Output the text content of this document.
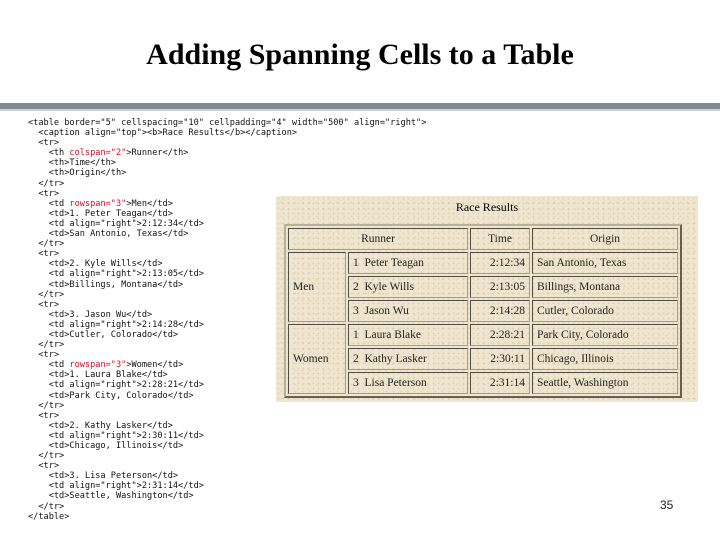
Adding Spanning Cells to a Table
<table border="5" cellspacing="10" cellpadding="4" width="500" align="right">
<caption align="top"><b>Race Results</b></caption>
<tr>
<th colspan="2">Runner</th>
<th>Time</th>
<th>Origin</th>
</tr>
<tr>
<td rowspan="3">Men</td>
<td>1. Peter Teagan</td>
<td align="right">2:12:34</td>
<td>San Antonio, Texas</td>
</tr>
<tr>
<td>2. Kyle Wills</td>
<td align="right">2:13:05</td>
<td>Billings, Montana</td>
</tr>
<tr>
<td>3. Jason Wu</td>
<td align="right">2:14:28</td>
<td>Cutler, Colorado</td>
</tr>
<tr>
<td rowspan="3">Women</td>
<td>1. Laura Blake</td>
<td align="right">2:28:21</td>
<td>Park City, Colorado</td>
</tr>
<tr>
<td>2. Kathy Lasker</td>
<td align="right">2:30:11</td>
<td>Chicago, Illinois</td>
</tr>
<tr>
<td>3. Lisa Peterson</td>
<td align="right">2:31:14</td>
<td>Seattle, Washington</td>
</tr>
</table>
Race Results
Runner		Time	Origin
Men	1 Peter Teagan	2:12:34	San Antonio, Texas
	2 Kyle Wills	2:13:05	Billings, Montana
	3 Jason Wu	2:14:28	Cutler, Colorado
Women	1 Laura Blake	2:28:21	Park City, Colorado
	2 Kathy Lasker	2:30:11	Chicago, Illinois
	3 Lisa Peterson	2:31:14	Seattle, Washington
35
